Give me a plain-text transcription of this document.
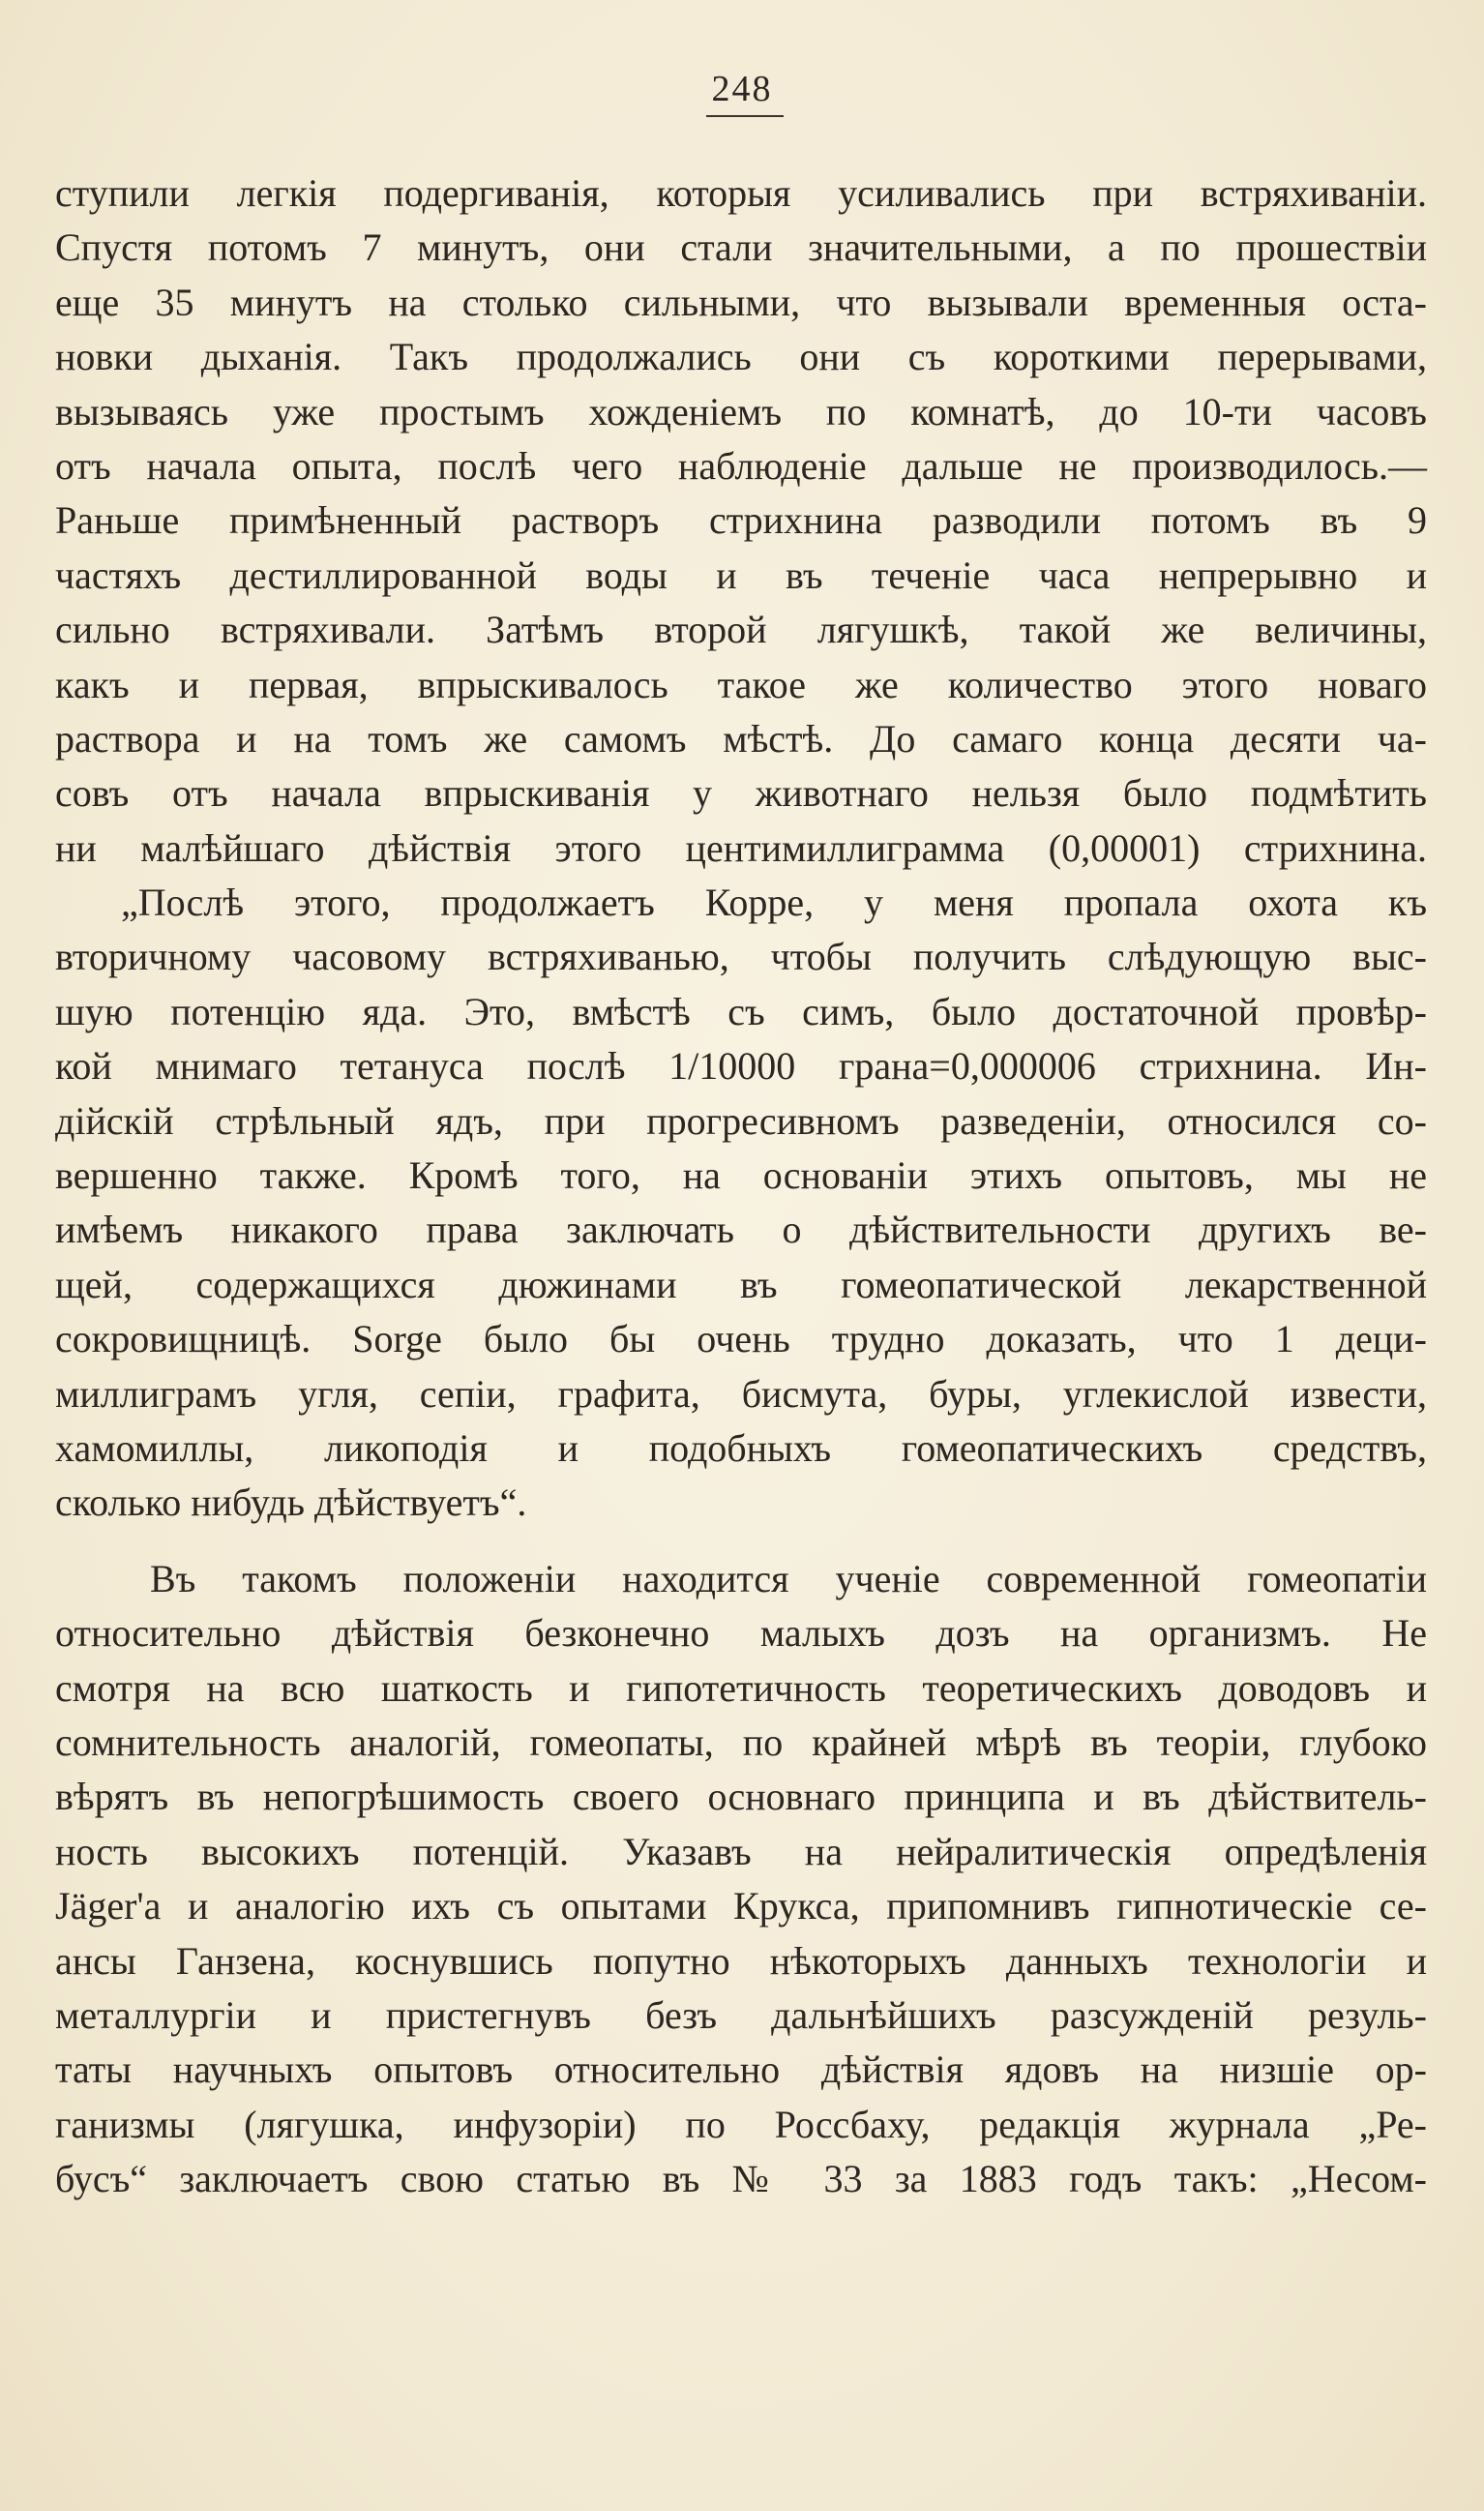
248
ступили легкія подергиванія, которыя усиливались при встряхиваніи.
Спустя потомъ 7 минутъ, они стали значительными, а по прошествіи
еще 35 минутъ на столько сильными, что вызывали временныя оста-
новки дыханія. Такъ продолжались они съ короткими перерывами,
вызываясь уже простымъ хожденіемъ по комнатѣ, до 10-ти часовъ
отъ начала опыта, послѣ чего наблюденіе дальше не производилось.—
Раньше примѣненный растворъ стрихнина разводили потомъ въ 9
частяхъ дестиллированной воды и въ теченіе часа непрерывно и
сильно встряхивали. Затѣмъ второй лягушкѣ, такой же величины,
какъ и первая, впрыскивалось такое же количество этого новаго
раствора и на томъ же самомъ мѣстѣ. До самаго конца десяти ча-
совъ отъ начала впрыскиванія у животнаго нельзя было подмѣтить
ни малѣйшаго дѣйствія этого центимиллиграмма (0,00001) стрихнина.
„Послѣ этого, продолжаетъ Корре, у меня пропала охота къ
вторичному часовому встряхиванью, чтобы получить слѣдующую выс-
шую потенцію яда. Это, вмѣстѣ съ симъ, было достаточной провѣр-
кой мнимаго тетануса послѣ 1/10000 грана=0,000006 стрихнина. Ин-
дійскій стрѣльный ядъ, при прогресивномъ разведеніи, относился со-
вершенно также. Кромѣ того, на основаніи этихъ опытовъ, мы не
имѣемъ никакого права заключать о дѣйствительности другихъ ве-
щей, содержащихся дюжинами въ гомеопатической лекарственной
сокровищницѣ. Sorge было бы очень трудно доказать, что 1 деци-
миллиграмъ угля, сепіи, графита, бисмута, буры, углекислой извести,
хамомиллы, ликоподія и подобныхъ гомеопатическихъ средствъ,
сколько нибудь дѣйствуетъ“.
Въ такомъ положеніи находится ученіе современной гомеопатіи
относительно дѣйствія безконечно малыхъ дозъ на организмъ. Не
смотря на всю шаткость и гипотетичность теоретическихъ доводовъ и
сомнительность аналогій, гомеопаты, по крайней мѣрѣ въ теоріи, глубоко
вѣрятъ въ непогрѣшимость своего основнаго принципа и въ дѣйствитель-
ность высокихъ потенцій. Указавъ на нейралитическія опредѣленія
Jäger'а и аналогію ихъ съ опытами Крукса, припомнивъ гипнотическіе се-
ансы Ганзена, коснувшись попутно нѣкоторыхъ данныхъ технологіи и
металлургіи и пристегнувъ безъ дальнѣйшихъ разсужденій резуль-
таты научныхъ опытовъ относительно дѣйствія ядовъ на низшіе ор-
ганизмы (лягушка, инфузоріи) по Россбаху, редакція журнала „Ре-
бусъ“ заключаетъ свою статью въ № 33 за 1883 годъ такъ: „Несом-
